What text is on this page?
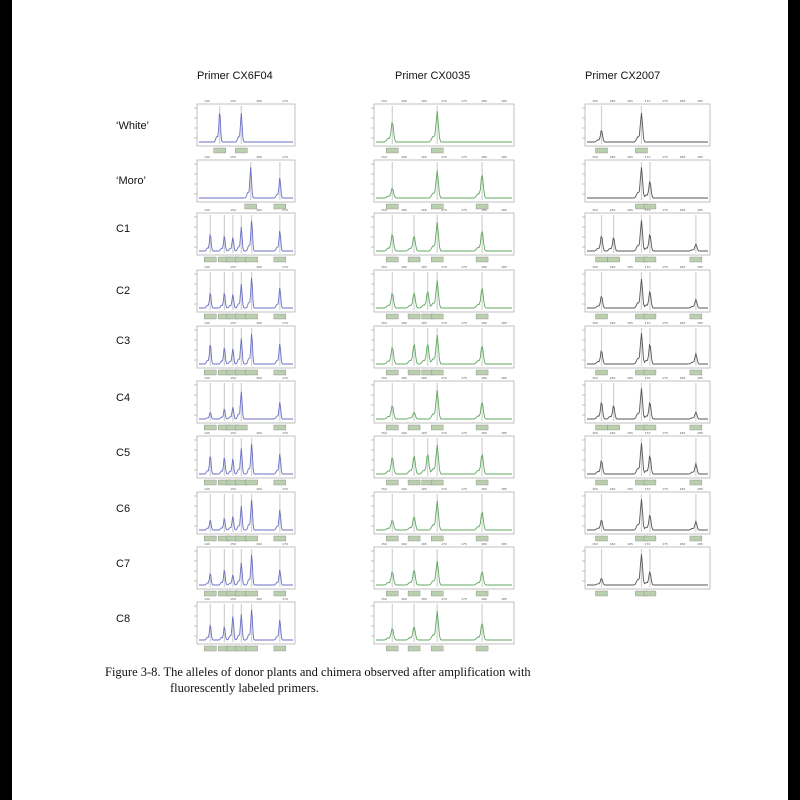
Primer CX6F04	Primer CX0035	Primer CX2007
‘White’
‘Moro’
C1
C2
C3
C4
C5
C6
C7
C8
140	150	160	170
140	150	160	170
140	150	160	170
140	150	160	170
140	150	160	170
140	150	160	170
140	150	160	170
140	150	160	170
140	150	160	170
140	150	160	170
150	160	165	170	175	180	185
150	160	165	170	175	180	185
150	160	165	170	175	180	185
150	160	165	170	175	180	185
150	160	165	170	175	180	185
150	160	165	170	175	180	185
150	160	165	170	175	180	185
150	160	165	170	175	180	185
150	160	165	170	175	180	185
150	160	165	170	175	180	185
150	160	165	170	175	180	185
150	160	165	170	175	180	185
150	160	165	170	175	180	185
150	160	165	170	175	180	185
150	160	165	170	175	180	185
150	160	165	170	175	180	185
150	160	165	170	175	180	185
150	160	165	170	175	180	185
150	160	165	170	175	180	185
Figure 3-8. The alleles of donor plants and chimera observed after amplification with
fluorescently labeled primers.
